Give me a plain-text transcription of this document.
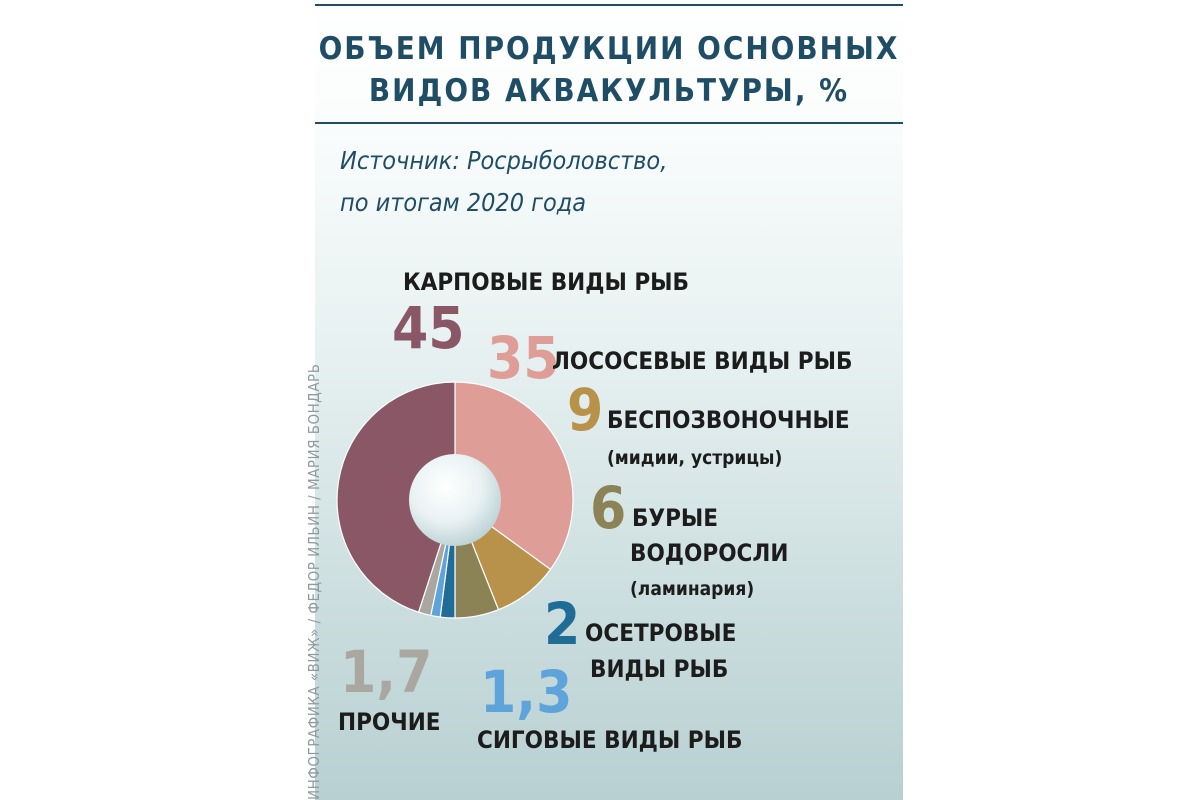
ОБЪЕМ ПРОДУКЦИИ ОСНОВНЫХ
ВИДОВ АКВАКУЛЬТУРЫ, %
Источник: Росрыболовство,
по итогам 2020 года
ИНФОГРАФИКА «ВИЖ» / ФЕДОР ИЛЬИН / МАРИЯ БОНДАРЬ
КАРПОВЫЕ ВИДЫ РЫБ
45 35
ЛОСОСЕВЫЕ ВИДЫ РЫБ
9 БЕСПОЗВОНОЧНЫЕ
(мидии, устрицы)
6 БУРЫЕ
ВОДОРОСЛИ
(ламинария)
2 ОСЕТРОВЫЕ
ВИДЫ РЫБ
1,3
СИГОВЫЕ ВИДЫ РЫБ
1,7
ПРОЧИЕ
